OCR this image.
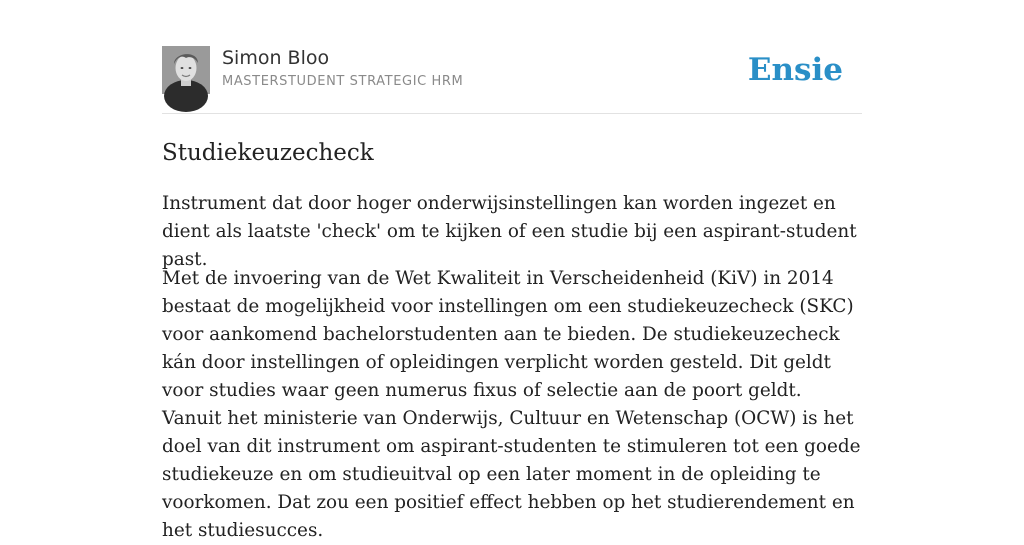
Simon Bloo
MASTERSTUDENT STRATEGIC HRM	Ensie
Studiekeuzecheck

Instrument dat door hoger onderwijsinstellingen kan worden ingezet en dient als laatste 'check' om te kijken of een studie bij een aspirant-student past.

Met de invoering van de Wet Kwaliteit in Verscheidenheid (KiV) in 2014 bestaat de mogelijkheid voor instellingen om een studiekeuzecheck (SKC) voor aankomend bachelorstudenten aan te bieden. De studiekeuzecheck kán door instellingen of opleidingen verplicht worden gesteld. Dit geldt voor studies waar geen numerus fixus of selectie aan de poort geldt. Vanuit het ministerie van Onderwijs, Cultuur en Wetenschap (OCW) is het doel van dit instrument om aspirant-studenten te stimuleren tot een goede studiekeuze en om studieuitval op een later moment in de opleiding te voorkomen. Dat zou een positief effect hebben op het studierendement en het studiesucces.
